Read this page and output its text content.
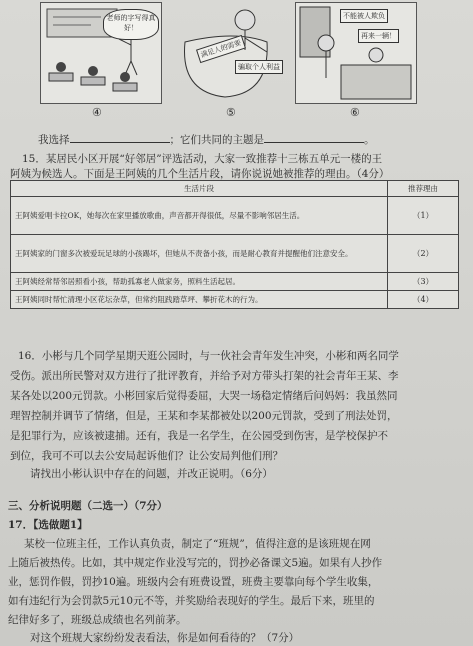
老师的字写得真好！
④
满足人的需要
骗取个人利益
⑤
不能被人欺负
再来一辆！
⑥
我选择	；它们共同的主题是	。
15．某居民小区开展“好邻居”评选活动，大家一致推荐十三栋五单元一楼的王
阿姨为候选人。下面是王阿姨的几个生活片段，请你说说她被推荐的理由。（4分）
生活片段	推荐理由
王阿姨爱唱卡拉OK，她每次在家里播放歌曲，声音都开得很低，尽量不影响邻居生活。	（1）
王阿姨家的门窗多次被爱玩足球的小孩踢坏，但她从不责备小孩，而是耐心教育并提醒他们注意安全。	（2）
王阿姨经常帮邻居照看小孩，帮助孤寡老人做家务，照料生活起居。	（3）
王阿姨同时帮忙清理小区花坛杂草，但常约阻践踏草坪、攀折花木的行为。	（4）
16．小彬与几个同学星期天逛公园时，与一伙社会青年发生冲突，小彬和两名同学
受伤。派出所民警对双方进行了批评教育，并给予对方带头打架的社会青年王某、李
某各处以200元罚款。小彬回家后觉得委屈，大哭一场稳定情绪后问妈妈：我虽然同
理智控制并调节了情绪，但是，王某和李某都被处以200元罚款，受到了刑法处罚，
是犯罪行为，应该被逮捕。还有，我是一名学生，在公园受到伤害，是学校保护不
到位，我可不可以去公安局起诉他们？让公安局判他们刑？
请找出小彬认识中存在的问题，并改正说明。（6分）
三、分析说明题（二选一）（7分）
17．【选做题1】
某校一位班主任，工作认真负责，制定了“班规”，值得注意的是该班规在网
上随后被热传。比如，其中规定作业没写完的，罚抄必备课文5遍。如果有人抄作
业，惩罚作假，罚抄10遍。班级内会有班费设置，班费主要靠向每个学生收集，
如有违纪行为会罚款5元10元不等，并奖励给表现好的学生。最后下来，班里的
纪律好多了，班级总成绩也名列前茅。
对这个班规大家纷纷发表看法，你是如何看待的？（7分）
